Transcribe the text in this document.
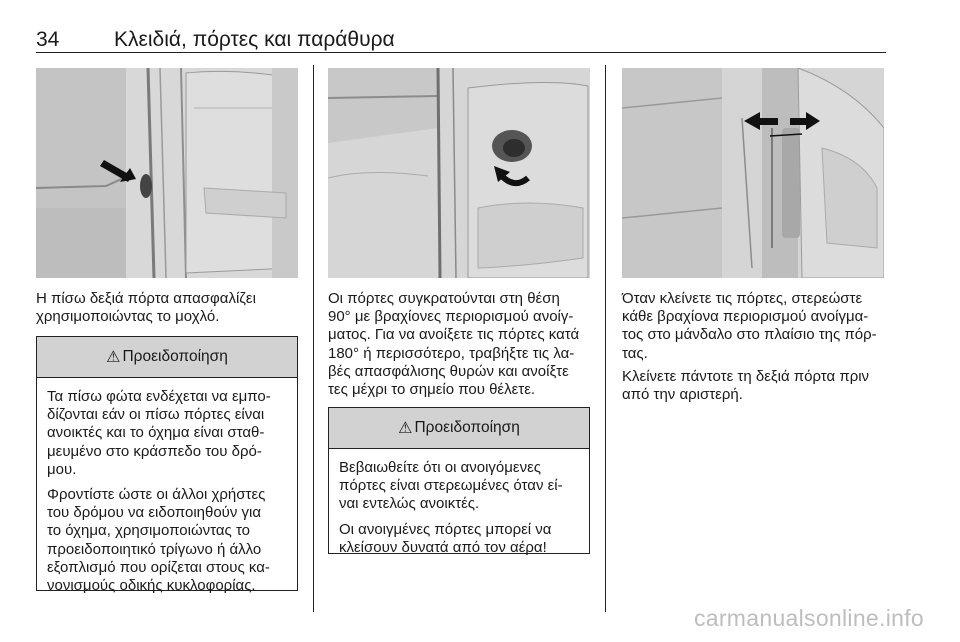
34	Κλειδιά, πόρτες και παράθυρα

Η πίσω δεξιά πόρτα απασφαλίζει
χρησιμοποιώντας το μοχλό.

⚠ Προειδοποίηση

Τα πίσω φώτα ενδέχεται να εμπο-
δίζονται εάν οι πίσω πόρτες είναι
ανοικτές και το όχημα είναι σταθ-
μευμένο στο κράσπεδο του δρό-
μου.

Φροντίστε ώστε οι άλλοι χρήστες
του δρόμου να ειδοποιηθούν για
το όχημα, χρησιμοποιώντας το
προειδοποιητικό τρίγωνο ή άλλο
εξοπλισμό που ορίζεται στους κα-
νονισμούς οδικής κυκλοφορίας.

Οι πόρτες συγκρατούνται στη θέση
90° με βραχίονες περιορισμού ανοίγ-
ματος. Για να ανοίξετε τις πόρτες κατά
180° ή περισσότερο, τραβήξτε τις λα-
βές απασφάλισης θυρών και ανοίξτε
τες μέχρι το σημείο που θέλετε.

⚠ Προειδοποίηση

Βεβαιωθείτε ότι οι ανοιγόμενες
πόρτες είναι στερεωμένες όταν εί-
ναι εντελώς ανοικτές.

Οι ανοιγμένες πόρτες μπορεί να
κλείσουν δυνατά από τον αέρα!

Όταν κλείνετε τις πόρτες, στερεώστε
κάθε βραχίονα περιορισμού ανοίγμα-
τος στο μάνδαλο στο πλαίσιο της πόρ-
τας.

Κλείνετε πάντοτε τη δεξιά πόρτα πριν
από την αριστερή.

carmanualsonline.info
